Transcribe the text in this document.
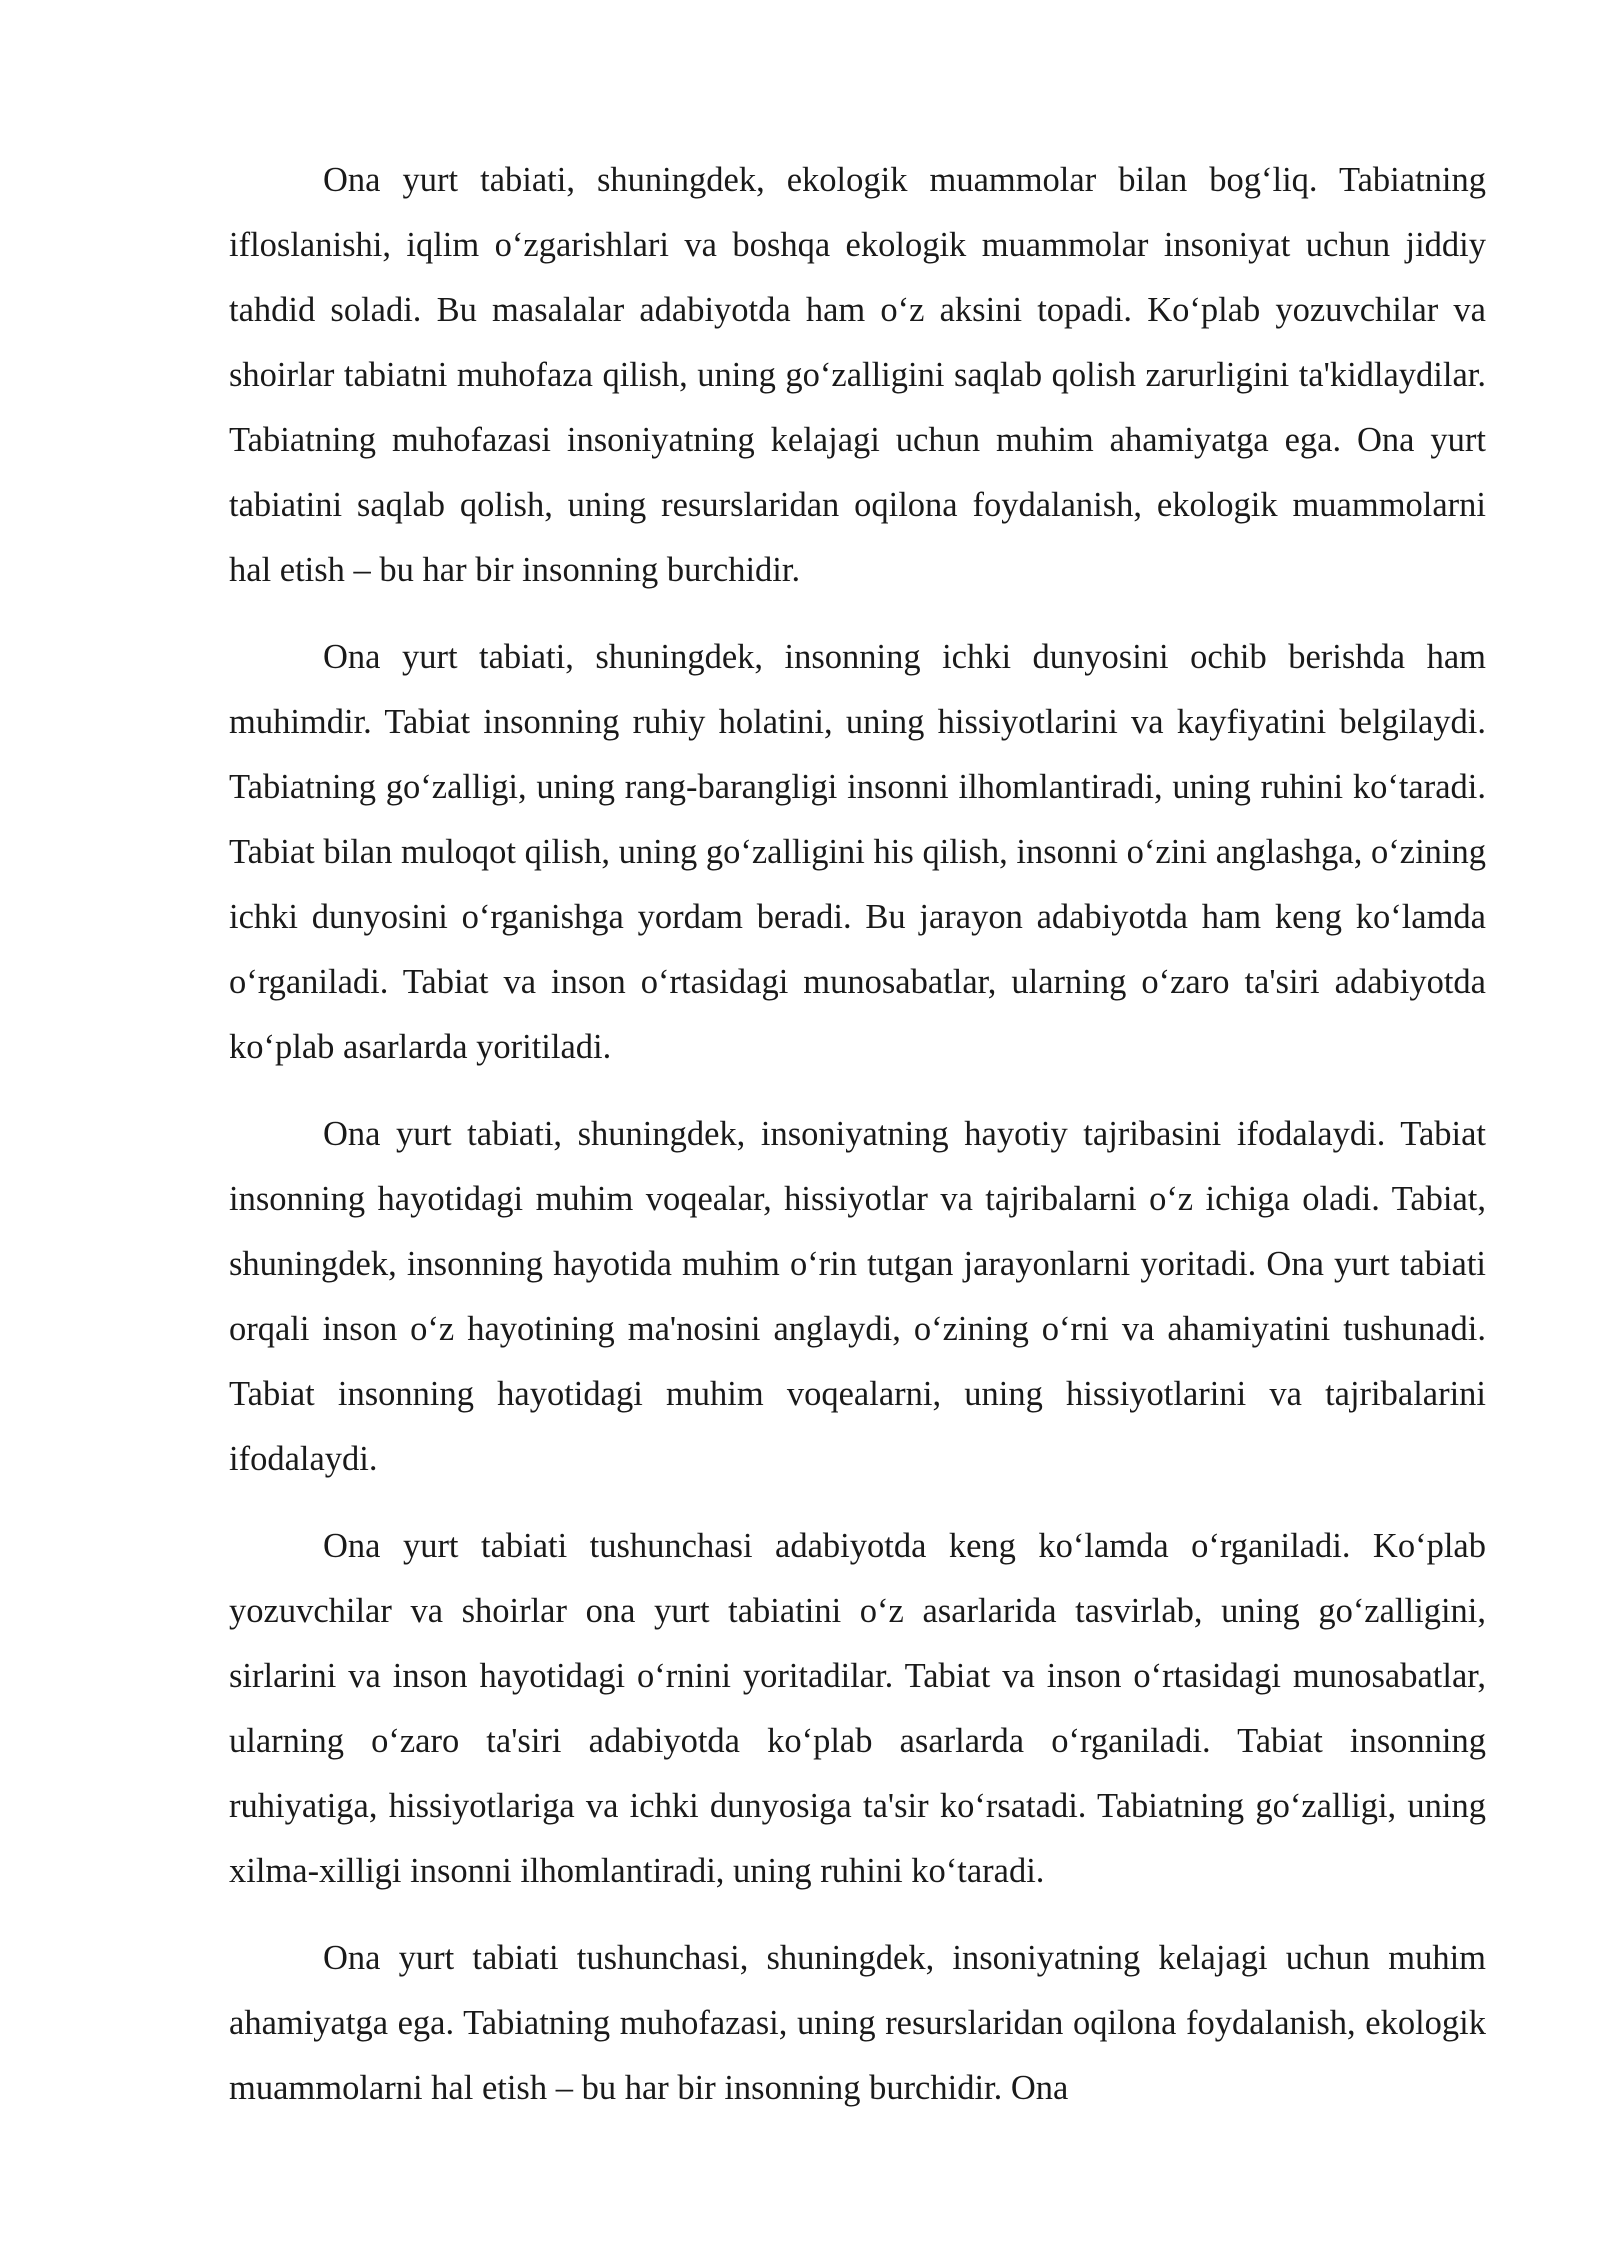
Ona yurt tabiati, shuningdek, ekologik muammolar bilan bog‘liq. Tabiatning ifloslanishi, iqlim o‘zgarishlari va boshqa ekologik muammolar insoniyat uchun jiddiy tahdid soladi. Bu masalalar adabiyotda ham o‘z aksini topadi. Ko‘plab yozuvchilar va shoirlar tabiatni muhofaza qilish, uning go‘zalligini saqlab qolish zarurligini ta'kidlaydilar. Tabiatning muhofazasi insoniyatning kelajagi uchun muhim ahamiyatga ega. Ona yurt tabiatini saqlab qolish, uning resurslaridan oqilona foydalanish, ekologik muammolarni hal etish – bu har bir insonning burchidir.

Ona yurt tabiati, shuningdek, insonning ichki dunyosini ochib berishda ham muhimdir. Tabiat insonning ruhiy holatini, uning hissiyotlarini va kayfiyatini belgilaydi. Tabiatning go‘zalligi, uning rang-barangligi insonni ilhomlantiradi, uning ruhini ko‘taradi. Tabiat bilan muloqot qilish, uning go‘zalligini his qilish, insonni o‘zini anglashga, o‘zining ichki dunyosini o‘rganishga yordam beradi. Bu jarayon adabiyotda ham keng ko‘lamda o‘rganiladi. Tabiat va inson o‘rtasidagi munosabatlar, ularning o‘zaro ta'siri adabiyotda ko‘plab asarlarda yoritiladi.

Ona yurt tabiati, shuningdek, insoniyatning hayotiy tajribasini ifodalaydi. Tabiat insonning hayotidagi muhim voqealar, hissiyotlar va tajribalarni o‘z ichiga oladi. Tabiat, shuningdek, insonning hayotida muhim o‘rin tutgan jarayonlarni yoritadi. Ona yurt tabiati orqali inson o‘z hayotining ma'nosini anglaydi, o‘zining o‘rni va ahamiyatini tushunadi. Tabiat insonning hayotidagi muhim voqealarni, uning hissiyotlarini va tajribalarini ifodalaydi.

Ona yurt tabiati tushunchasi adabiyotda keng ko‘lamda o‘rganiladi. Ko‘plab yozuvchilar va shoirlar ona yurt tabiatini o‘z asarlarida tasvirlab, uning go‘zalligini, sirlarini va inson hayotidagi o‘rnini yoritadilar. Tabiat va inson o‘rtasidagi munosabatlar, ularning o‘zaro ta'siri adabiyotda ko‘plab asarlarda o‘rganiladi. Tabiat insonning ruhiyatiga, hissiyotlariga va ichki dunyosiga ta'sir ko‘rsatadi. Tabiatning go‘zalligi, uning xilma-xilligi insonni ilhomlantiradi, uning ruhini ko‘taradi.

Ona yurt tabiati tushunchasi, shuningdek, insoniyatning kelajagi uchun muhim ahamiyatga ega. Tabiatning muhofazasi, uning resurslaridan oqilona foydalanish, ekologik muammolarni hal etish – bu har bir insonning burchidir. Ona
